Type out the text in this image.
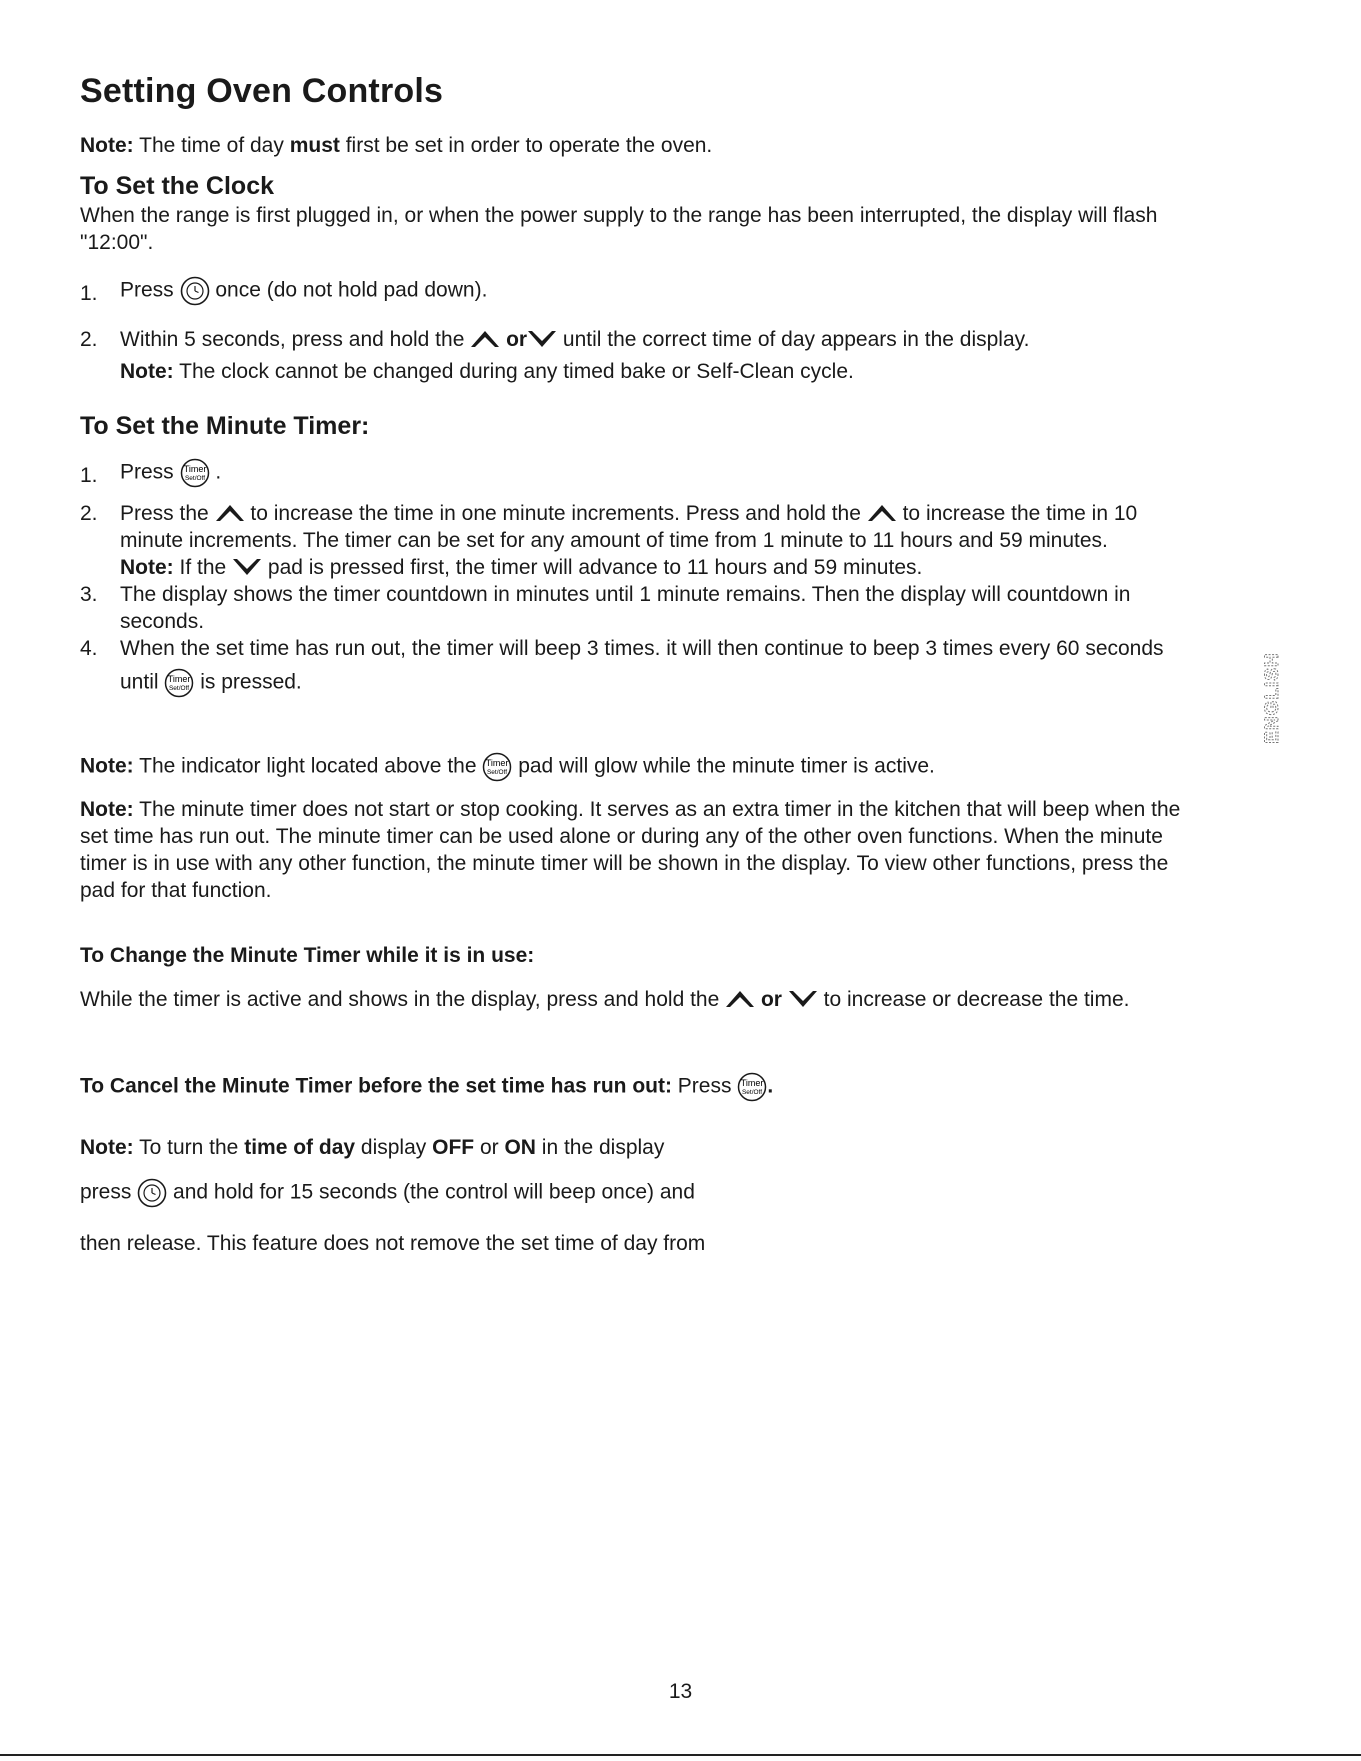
Setting Oven Controls

Note: The time of day must first be set in order to operate the oven.

To Set the Clock

When the range is first plugged in, or when the power supply to the range has been interrupted, the display will flash "12:00".

1. Press once (do not hold pad down).

2. Within 5 seconds, press and hold the or until the correct time of day appears in the display.

Note: The clock cannot be changed during any timed bake or Self-Clean cycle.

To Set the Minute Timer:

1. Press Timer
Set/Off .

2. Press the to increase the time in one minute increments. Press and hold the to increase the time in 10

minute increments. The timer can be set for any amount of time from 1 minute to 11 hours and 59 minutes.

Note: If the pad is pressed first, the timer will advance to 11 hours and 59 minutes.

3. The display shows the timer countdown in minutes until 1 minute remains. Then the display will countdown in

seconds.

4. When the set time has run out, the timer will beep 3 times. it will then continue to beep 3 times every 60 seconds

until Timer
Set/Off is pressed.

Note: The indicator light located above the Timer
Set/Off pad will glow while the minute timer is active.

Note: The minute timer does not start or stop cooking. It serves as an extra timer in the kitchen that will beep when the

set time has run out. The minute timer can be used alone or during any of the other oven functions. When the minute

timer is in use with any other function, the minute timer will be shown in the display. To view other functions, press the

pad for that function.

To Change the Minute Timer while it is in use:

While the timer is active and shows in the display, press and hold the or to increase or decrease the time.

To Cancel the Minute Timer before the set time has run out: Press Timer
Set/Off .

Note: To turn the time of day display OFF or ON in the display

press and hold for 15 seconds (the control will beep once) and

then release. This feature does not remove the set time of day from

ENGLISH
13
